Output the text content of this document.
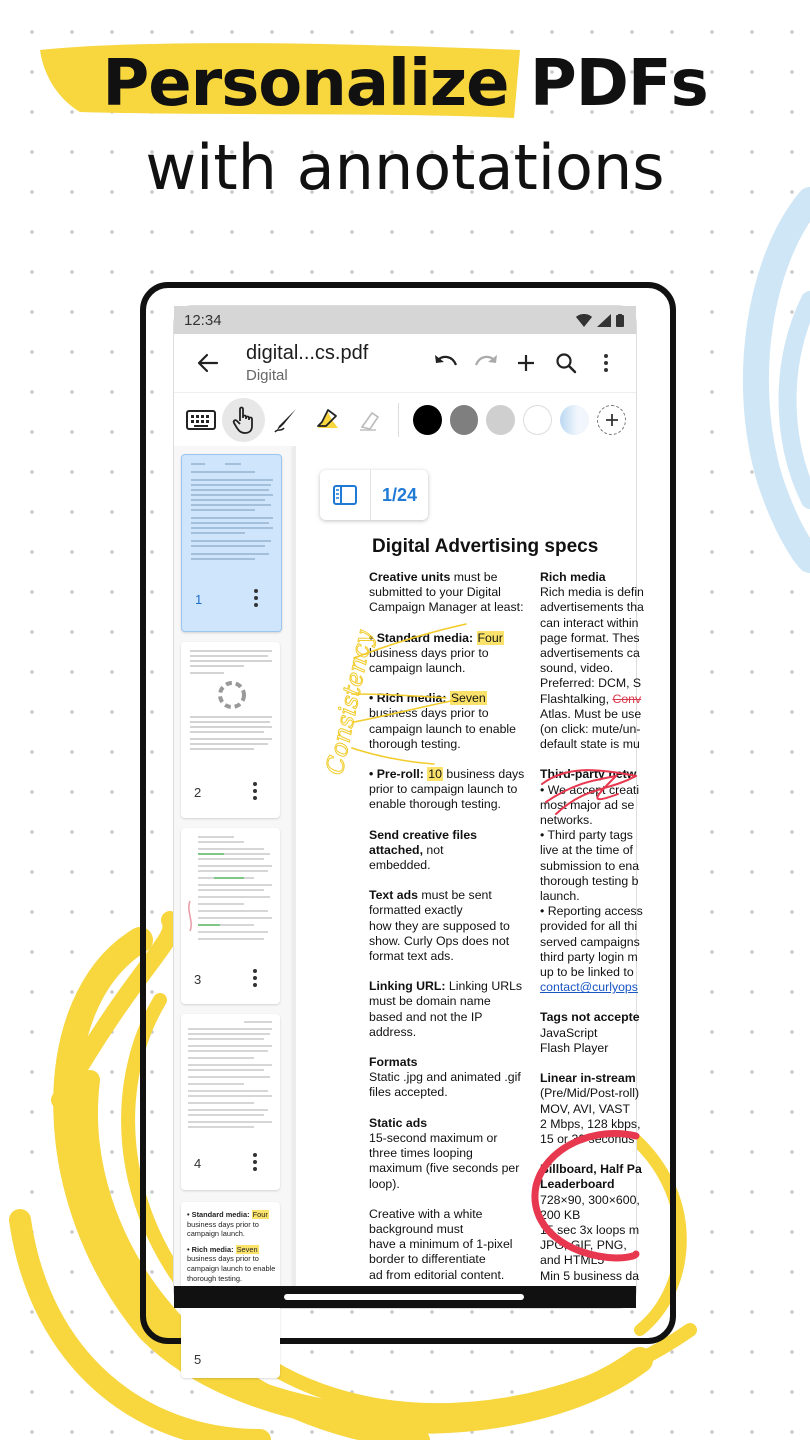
Personalize PDFs
with annotations
12:34
digital...cs.pdf
Digital
1
2
3
4
• Standard media: Four
business days prior to
campaign launch.
• Rich media: Seven
business days prior to
campaign launch to enable
thorough testing.
5
1/24
Digital Advertising specs

Creative units must be
submitted to your Digital
Campaign Manager at least:

• Standard media: Four
business days prior to
campaign launch.

• Rich media: Seven
business days prior to
campaign launch to enable
thorough testing.

• Pre-roll: 10 business days
prior to campaign launch to
enable thorough testing.

Send creative files
attached, not
embedded.

Text ads must be sent
formatted exactly
how they are supposed to
show. Curly Ops does not
format text ads.

Linking URL: Linking URLs
must be domain name
based and not the IP
address.

Formats
Static .jpg and animated .gif
files accepted.

Static ads
15-second maximum or
three times looping
maximum (five seconds per
loop).

Creative with a white
background must
have a minimum of 1-pixel
border to differentiate
ad from editorial content.

Rich media
Rich media is defin
advertisements tha
can interact within
page format. Thes
advertisements ca
sound, video.
Preferred: DCM, S
Flashtalking, Conv
Atlas. Must be use
(on click: mute/un-
default state is mu

Third-party netw
• We accept creati
most major ad se
networks.
• Third party tags
live at the time of
submission to ena
thorough testing b
launch.
• Reporting access
provided for all thi
served campaigns
third party login m
up to be linked to
contact@curlyops

Tags not accepte
JavaScript
Flash Player

Linear in-stream
(Pre/Mid/Post-roll)
MOV, AVI, VAST
2 Mbps, 128 kbps,
15 or 30 seconds

Billboard, Half Pa
Leaderboard
728×90, 300×600,
200 KB
15 sec 3x loops m
JPG, GIF, PNG,
and HTML5
Min 5 business da

Consistency
